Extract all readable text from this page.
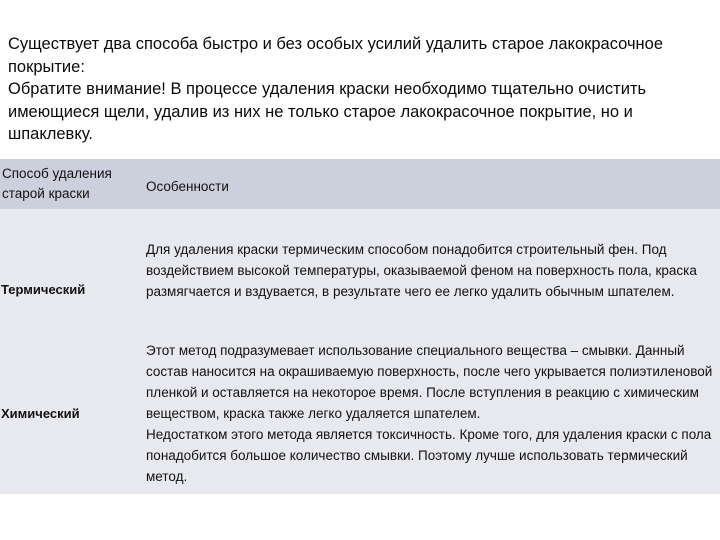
Существует два способа быстро и без особых усилий удалить старое лакокрасочное покрытие:

Обратите внимание! В процессе удаления краски необходимо тщательно очистить имеющиеся щели, удалив из них не только старое лакокрасочное покрытие, но и шпаклевку.

Способ удаления старой краски	Особенности
Термический	Для удаления краски термическим способом понадобится строительный фен. Под воздействием высокой температуры, оказываемой феном на поверхность пола, краска размягчается и вздувается, в результате чего ее легко удалить обычным шпателем.

Химический	Этот метод подразумевает использование специального вещества – смывки. Данный состав наносится на окрашиваемую поверхность, после чего укрывается полиэтиленовой пленкой и оставляется на некоторое время. После вступления в реакцию с химическим веществом, краска также легко удаляется шпателем.

Недостатком этого метода является токсичность. Кроме того, для удаления краски с пола понадобится большое количество смывки. Поэтому лучше использовать термический метод.
